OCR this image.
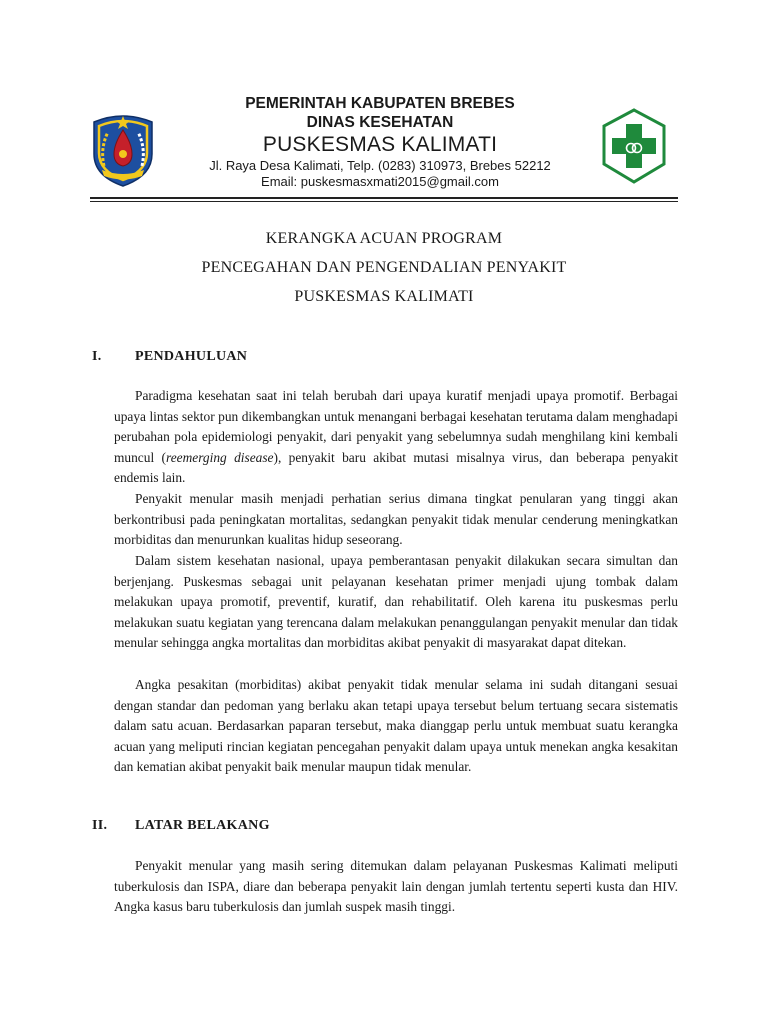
PEMERINTAH KABUPATEN BREBES
DINAS KESEHATAN
PUSKESMAS KALIMATI
Jl. Raya Desa Kalimati, Telp. (0283) 310973, Brebes 52212
Email: puskesmasxmati2015@gmail.com
KERANGKA ACUAN PROGRAM
PENCEGAHAN DAN PENGENDALIAN PENYAKIT
PUSKESMAS KALIMATI
I. PENDAHULUAN

Paradigma kesehatan saat ini telah berubah dari upaya kuratif menjadi upaya promotif. Berbagai upaya lintas sektor pun dikembangkan untuk menangani berbagai kesehatan terutama dalam menghadapi perubahan pola epidemiologi penyakit, dari penyakit yang sebelumnya sudah menghilang kini kembali muncul (reemerging disease), penyakit baru akibat mutasi misalnya virus, dan beberapa penyakit endemis lain.

Penyakit menular masih menjadi perhatian serius dimana tingkat penularan yang tinggi akan berkontribusi pada peningkatan mortalitas, sedangkan penyakit tidak menular cenderung meningkatkan morbiditas dan menurunkan kualitas hidup seseorang.

Dalam sistem kesehatan nasional, upaya pemberantasan penyakit dilakukan secara simultan dan berjenjang. Puskesmas sebagai unit pelayanan kesehatan primer menjadi ujung tombak dalam melakukan upaya promotif, preventif, kuratif, dan rehabilitatif. Oleh karena itu puskesmas perlu melakukan suatu kegiatan yang terencana dalam melakukan penanggulangan penyakit menular dan tidak menular sehingga angka mortalitas dan morbiditas akibat penyakit di masyarakat dapat ditekan.

Angka pesakitan (morbiditas) akibat penyakit tidak menular selama ini sudah ditangani sesuai dengan standar dan pedoman yang berlaku akan tetapi upaya tersebut belum tertuang secara sistematis dalam satu acuan. Berdasarkan paparan tersebut, maka dianggap perlu untuk membuat suatu kerangka acuan yang meliputi rincian kegiatan pencegahan penyakit dalam upaya untuk menekan angka kesakitan dan kematian akibat penyakit baik menular maupun tidak menular.

II. LATAR BELAKANG

Penyakit menular yang masih sering ditemukan dalam pelayanan Puskesmas Kalimati meliputi tuberkulosis dan ISPA, diare dan beberapa penyakit lain dengan jumlah tertentu seperti kusta dan HIV. Angka kasus baru tuberkulosis dan jumlah suspek masih tinggi.
